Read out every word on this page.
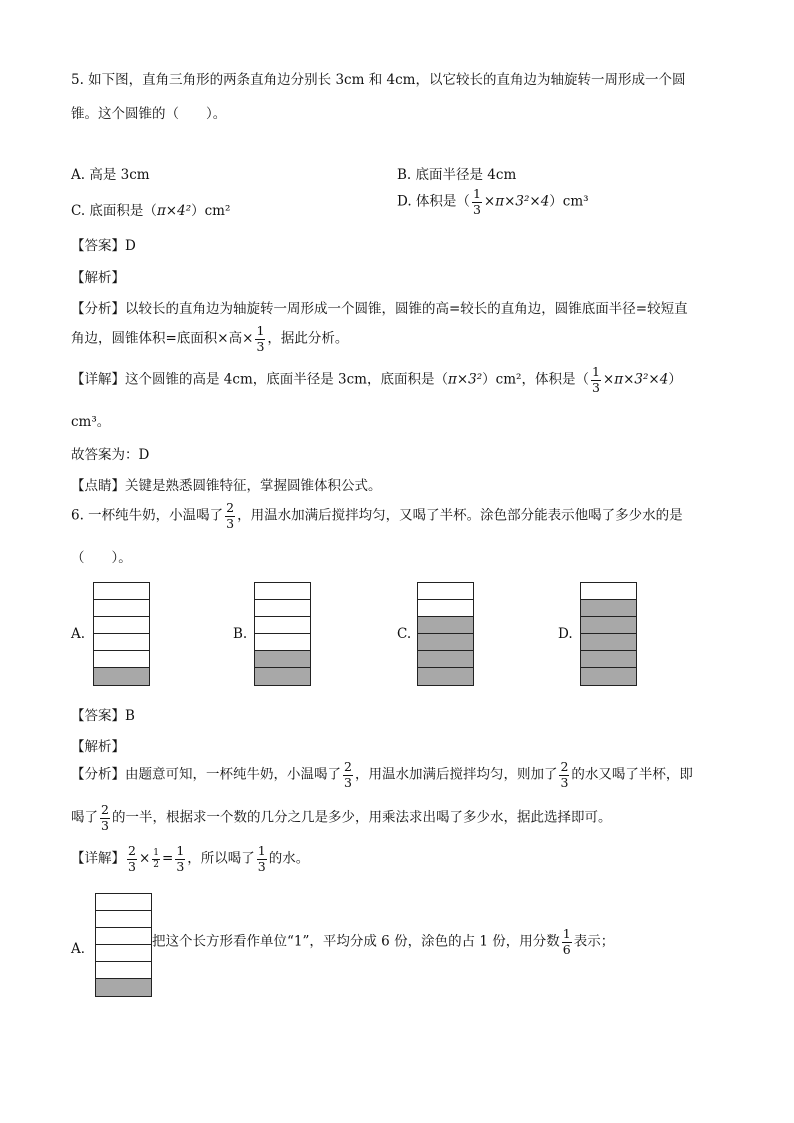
5. 如下图，直角三角形的两条直角边分别长 3cm 和 4cm，以它较长的直角边为轴旋转一周形成一个圆
锥。这个圆锥的（　　）。
A. 高是 3cm	B. 底面半径是 4cm
C. 底面积是（π×4²）cm²
D. 体积是（ $\frac{1}{3} \times\pi\times 3^2\times 4)cm^3$
【答案】D
【解析】
【分析】以较长的直角边为轴旋转一周形成一个圆锥，圆锥的高=较长的直角边，圆锥底面半径=较短直
角边，圆锥体积=底面积×高× $\frac{1}{3}$ ，据此分析。
【详解】这个圆锥的高是 4cm，底面半径是 3cm，底面积是（π×3²）cm²，体积是（ $\frac{1}{3} \times\pi\times 3^2\times 4$）
cm³。
故答案为：D
【点睛】关键是熟悉圆锥特征，掌握圆锥体积公式。
6. 一杯纯牛奶，小温喝了 $\frac{2}{3}$ ，用温水加满后搅拌均匀，又喝了半杯。涂色部分能表示他喝了多少水的是
（　　）。
A.	B.	C.	D.
【答案】B
【解析】
【分析】由题意可知，一杯纯牛奶，小温喝了 $\frac{2}{3}$ ，用温水加满后搅拌均匀，则加了 $\frac{2}{3}$ 的水又喝了半杯，即
喝了 $\frac{2}{3}$ 的一半，根据求一个数的几分之几是多少，用乘法求出喝了多少水，据此选择即可。
【详解】 $\frac{2}{3} \times \frac{1}{2} = \frac{1}{3}$ ，所以喝了 $\frac{1}{3}$ 的水。
A．	把这个长方形看作单位“1”，平均分成 6 份，涂色的占 1 份，用分数 $\frac{1}{6}$ 表示；
